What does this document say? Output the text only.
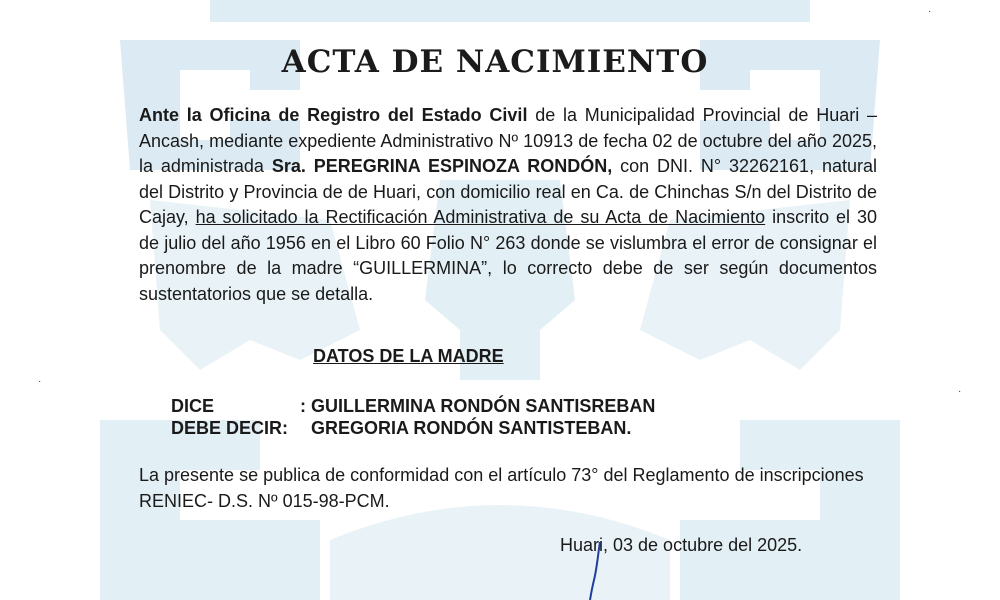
ACTA DE NACIMIENTO

Ante la Oficina de Registro del Estado Civil de la Municipalidad Provincial de Huari – Ancash, mediante expediente Administrativo Nº 10913 de fecha 02 de octubre del año 2025, la administrada Sra. PEREGRINA ESPINOZA RONDÓN, con DNI. N° 32262161, natural del Distrito y Provincia de de Huari, con domicilio real en Ca. de Chinchas S/n del Distrito de Cajay, ha solicitado la Rectificación Administrativa de su Acta de Nacimiento inscrito el 30 de julio del año 1956 en el Libro 60 Folio N° 263 donde se vislumbra el error de consignar el prenombre de la madre “GUILLERMINA”, lo correcto debe de ser según documentos sustentatorios que se detalla.

DATOS DE LA MADRE
DICE	: GUILLERMINA RONDÓN SANTISREBAN
DEBE DECIR: GREGORIA RONDÓN SANTISTEBAN.

La presente se publica de conformidad con el artículo 73° del Reglamento de inscripciones RENIEC- D.S. Nº 015-98-PCM.

Huari, 03 de octubre del 2025.
·
·
·
